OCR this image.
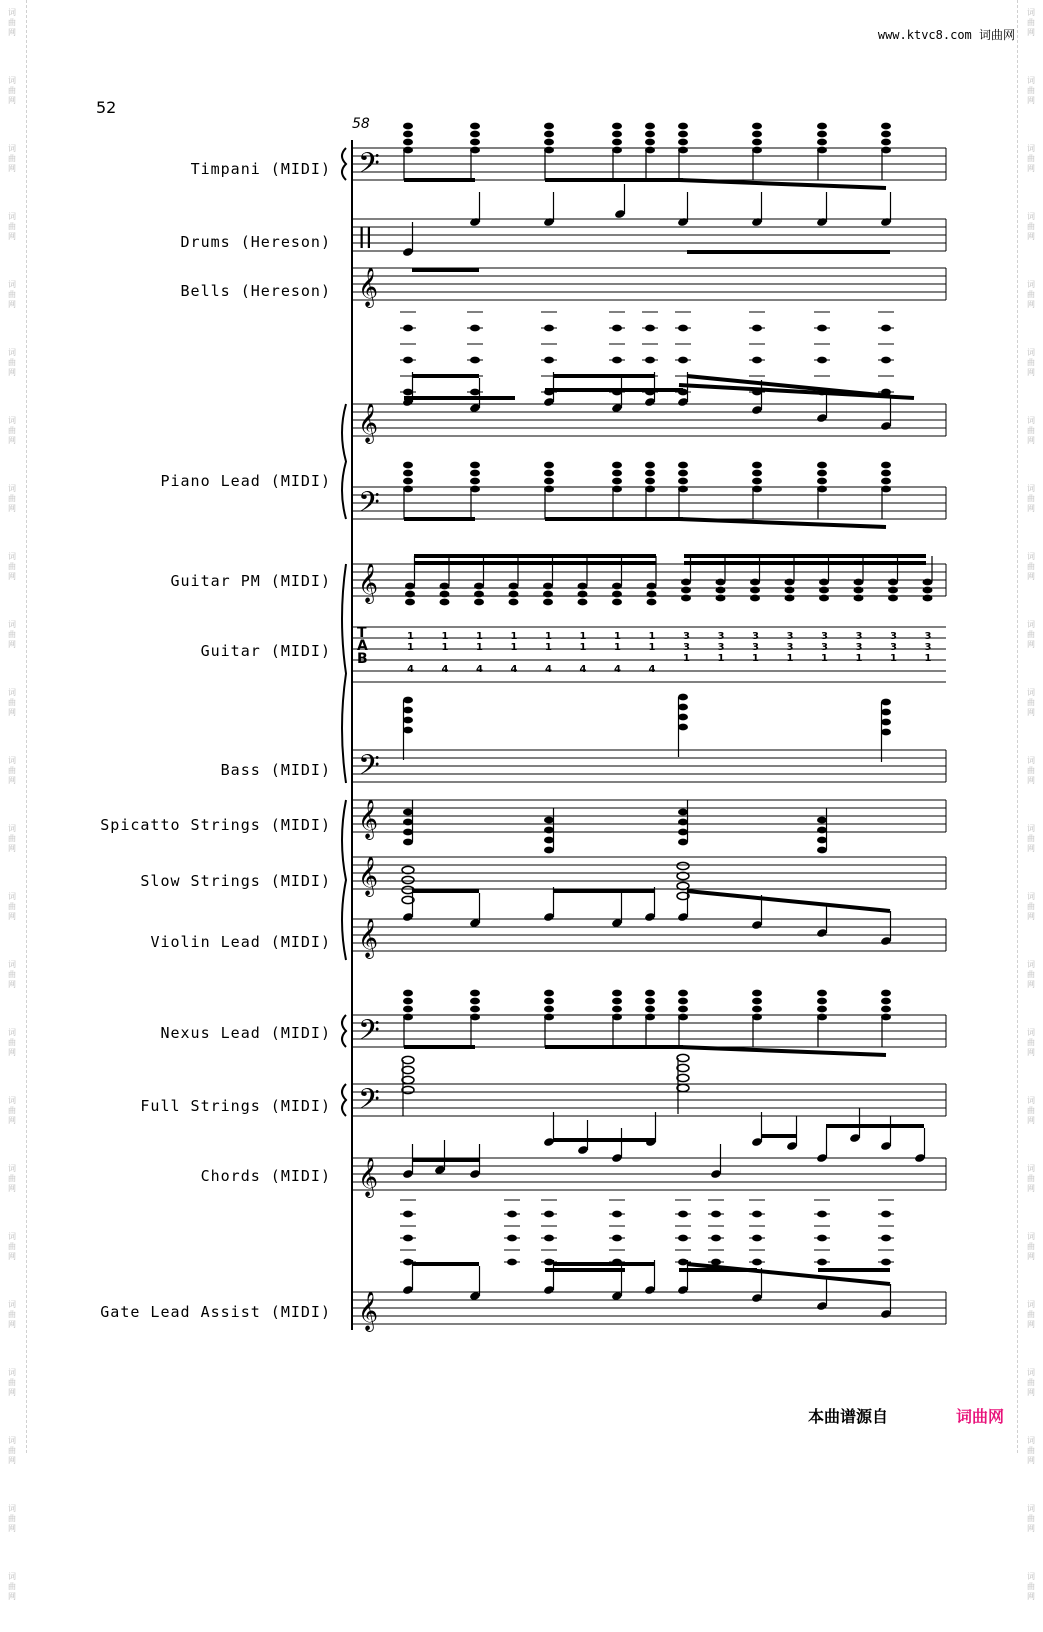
词
曲
网
词
曲
网
词
曲
网
词
曲
网
词
曲
网
词
曲
网
词
曲
网
词
曲
网
词
曲
网
词
曲
网
词
曲
网
词
曲
网
词
曲
网
词
曲
网
词
曲
网
词
曲
网
词
曲
网
词
曲
网
词
曲
网
词
曲
网
词
曲
网
词
曲
网
词
曲
网
词
曲
网
词
曲
网
词
曲
网
词
曲
网
词
曲
网
词
曲
网
词
曲
网
词
曲
网
词
曲
网
词
曲
网
词
曲
网
词
曲
网
词
曲
网
词
曲
网
词
曲
网
词
曲
网
词
曲
网
词
曲
网
词
曲
网
词
曲
网
词
曲
网
词
曲
网
词
曲
网
词
曲
网
词
曲
网
www.ktvc8.com 词曲网
52
58
Timpani (MIDI)
Drums (Hereson)
Bells (Hereson)
Piano Lead (MIDI)
Guitar PM (MIDI)
Guitar (MIDI)
Bass (MIDI)
Spicatto Strings (MIDI)
Slow Strings (MIDI)
Violin Lead (MIDI)
Nexus Lead (MIDI)
Full Strings (MIDI)
Chords (MIDI)
Gate Lead Assist (MIDI)
𝄢
||
𝄞
𝄞
𝄢
𝄞
𝄢
𝄞
𝄞
𝄞
𝄢
𝄢
𝄞
𝄞
T
A
B
1
1
4
1
1
4
1
1
4
1
1
4
1
1
4
1
1
4
1
1
4
1
1
4
3
3
1
3
3
1
3
3
1
3
3
1
3
3
1
3
3
1
3
3
1
3
3
1
本曲谱源自	词曲网
